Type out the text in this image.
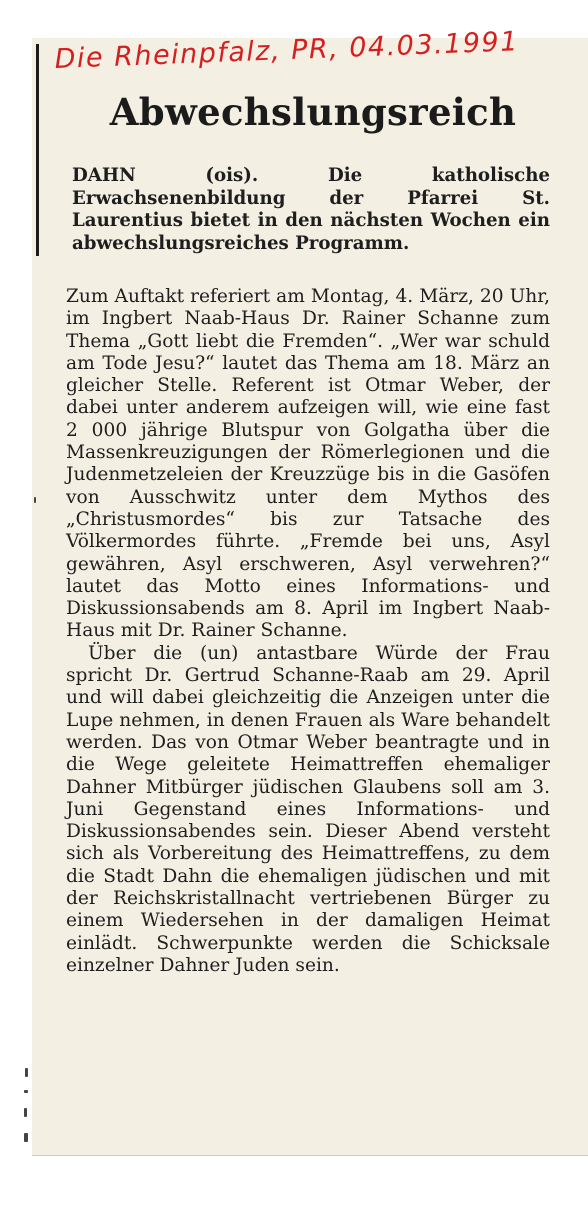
Die Rheinpfalz, PR, 04.03.1991
Abwechslungsreich

DAHN (ois). Die katholische Erwachsenenbildung der Pfarrei St. Laurentius bietet in den nächsten Wochen ein abwechslungsreiches Programm.

Zum Auftakt referiert am Montag, 4. März, 20 Uhr, im Ingbert Naab-Haus Dr. Rainer Schanne zum Thema „Gott liebt die Fremden“. „Wer war schuld am Tode Jesu?“ lautet das Thema am 18. März an gleicher Stelle. Referent ist Otmar Weber, der dabei unter anderem aufzeigen will, wie eine fast 2 000 jährige Blutspur von Golgatha über die Massenkreuzigungen der Römerlegionen und die Judenmetzeleien der Kreuzzüge bis in die Gasöfen von Ausschwitz unter dem Mythos des „Christusmordes“ bis zur Tatsache des Völkermordes führte. „Fremde bei uns, Asyl gewähren, Asyl erschweren, Asyl verwehren?“ lautet das Motto eines Informations- und Diskussionsabends am 8. April im Ingbert Naab-Haus mit Dr. Rainer Schanne.

Über die (un) antastbare Würde der Frau spricht Dr. Gertrud Schanne-Raab am 29. April und will dabei gleichzeitig die Anzeigen unter die Lupe nehmen, in denen Frauen als Ware behandelt werden. Das von Otmar Weber beantragte und in die Wege geleitete Heimattreffen ehemaliger Dahner Mitbürger jüdischen Glaubens soll am 3. Juni Gegenstand eines Informations- und Diskussionsabendes sein. Dieser Abend versteht sich als Vorbereitung des Heimattreffens, zu dem die Stadt Dahn die ehemaligen jüdischen und mit der Reichskristallnacht vertriebenen Bürger zu einem Wiedersehen in der damaligen Heimat einlädt. Schwerpunkte werden die Schicksale einzelner Dahner Juden sein.
